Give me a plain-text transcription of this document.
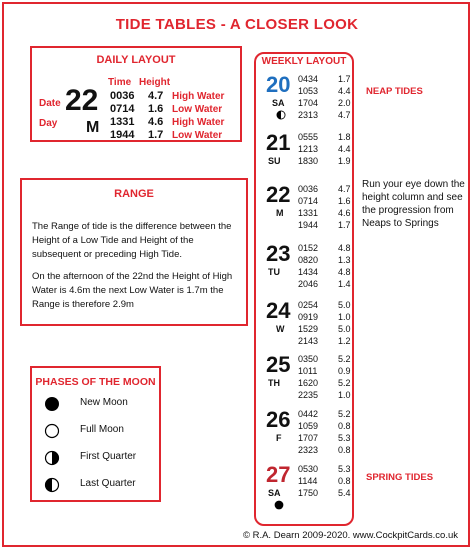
TIDE TABLES - A CLOSER LOOK
DAILY LAYOUT
Time Height
Date
Day
22
M
0036 4.7 High Water
0714 1.6 Low Water
1331 4.6 High Water
1944 1.7 Low Water
RANGE

The Range of tide is the difference between the Height of a Low Tide and Height of the subsequent or preceding High Tide.

On the afternoon of the 22nd the Height of High Water is 4.6m the next Low Water is 1.7m the Range is therefore 2.9m

PHASES OF THE MOON
New Moon
Full Moon
First Quarter
Last Quarter
WEEKLY LAYOUT
20
SA
0434 1.7
1053 4.4
1704 2.0
2313 4.7
21
SU
0555 1.8
1213 4.4
1830 1.9
22
M
0036 4.7
0714 1.6
1331 4.6
1944 1.7
23
TU
0152 4.8
0820 1.3
1434 4.8
2046 1.4
24
W
0254 5.0
0919 1.0
1529 5.0
2143 1.2
25
TH
0350 5.2
1011 0.9
1620 5.2
2235 1.0
26
F
0442 5.2
1059 0.8
1707 5.3
2323 0.8
27
SA
0530 5.3
1144 0.8
1750 5.4
NEAP TIDES
Run your eye down the height column and see the progression from Neaps to Springs
SPRING TIDES
© R.A. Dearn 2009-2020. www.CockpitCards.co.uk
